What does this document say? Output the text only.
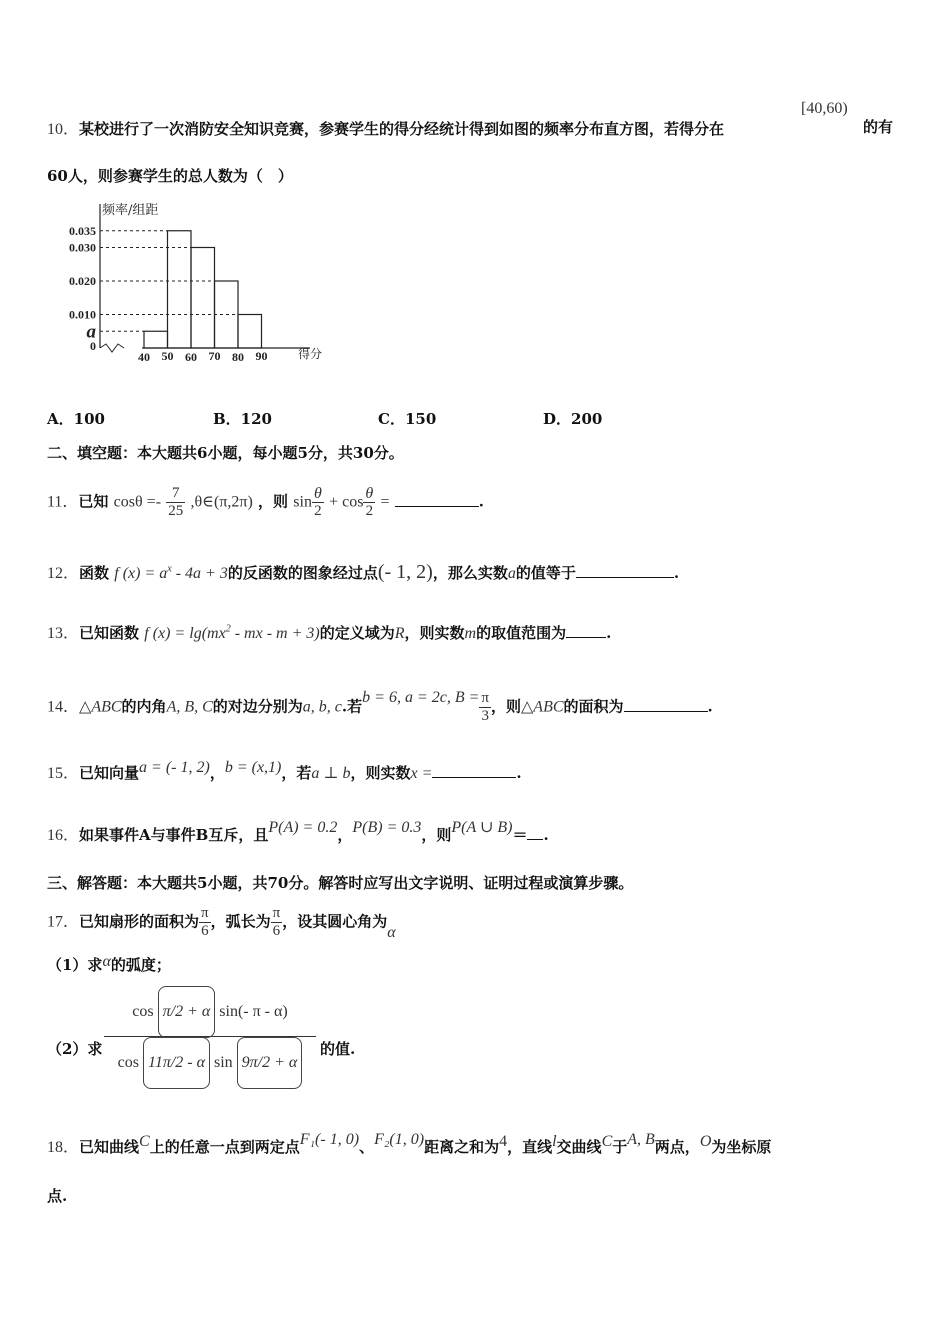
10．某校进行了一次消防安全知识竞赛，参赛学生的得分经统计得到如图的频率分布直方图，若得分在
[40,60)
的有
60人，则参赛学生的总人数为（　）
频率/组距
得分
0.035
0.030
0.020
0.010
a
0
40 50 60 70 80 90
A．100	B．120	C．150	D．200
二、填空题：本大题共6小题，每小题5分，共30分。
11．已知 $\cos\theta =- \frac{7}{25}$ ,θ∈(π,2π) ，则 $\sin \frac{\theta}{2} + \cos \frac{\theta}{2}$ =	.
12．函数 f $(x) = a^x - 4a + 3$的反函数的图象经过点(- 1, 2)，那么实数a的值等于	.
13．已知函数 f $(x) = \lg(mx^2$ - mx - m + 3)的定义域为R，则实数m的取值范围为	.
14．△ABC的内角A, B, C的对边分别为a, b, c.若b = 6, a = 2c, $B = \frac{\pi}{3}$ ，则△ABC的面积为	.
15．已知向量a = (- 1, 2)，b = (x,1)，若a ⊥ b，则实数x =	.
16．如果事件A与事件B互斥，且P(A) = 0.2，P(B) = 0.3，则P(A ∪ B)＝ .
三、解答题：本大题共5小题，共70分。解答时应写出文字说明、证明过程或演算步骤。
17．已知扇形的面积为 $\frac{\pi}{6}$ ，弧长为 $\frac{\pi}{6}$ ，设其圆心角为α
（1）求α的弧度；
（2）求 $\frac{\text{cos π/2 + α sin(- π - α)}}{\text{cos 11π/2 - α sin 9π/2 + α}}$ 的值.
18．已知曲线C上的任意一点到两定点F₁(- 1, 0)、F₂(1, 0)距离之和为4，直线l交曲线C于A, B两点，O为坐标原
点.
